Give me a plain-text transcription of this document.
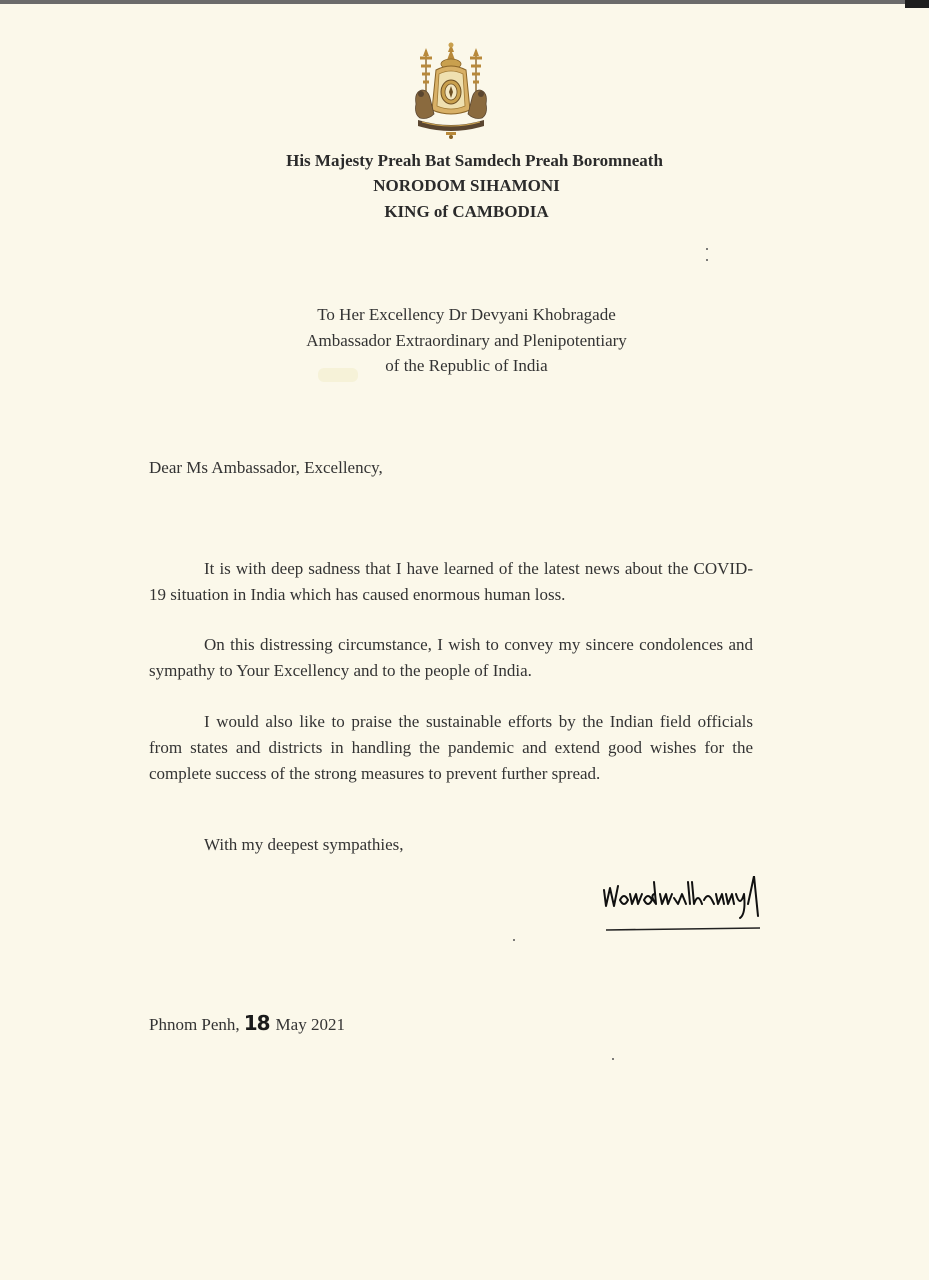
His Majesty Preah Bat Samdech Preah Boromneath
NORODOM SIHAMONI
KING of CAMBODIA
To Her Excellency Dr Devyani Khobragade
Ambassador Extraordinary and Plenipotentiary
of the Republic of India
Dear Ms Ambassador, Excellency,

It is with deep sadness that I have learned of the latest news about the COVID-19 situation in India which has caused enormous human loss.

On this distressing circumstance, I wish to convey my sincere condolences and sympathy to Your Excellency and to the people of India.

I would also like to praise the sustainable efforts by the Indian field officials from states and districts in handling the pandemic and extend good wishes for the complete success of the strong measures to prevent further spread.

With my deepest sympathies,
Phnom Penh, 18 May 2021
